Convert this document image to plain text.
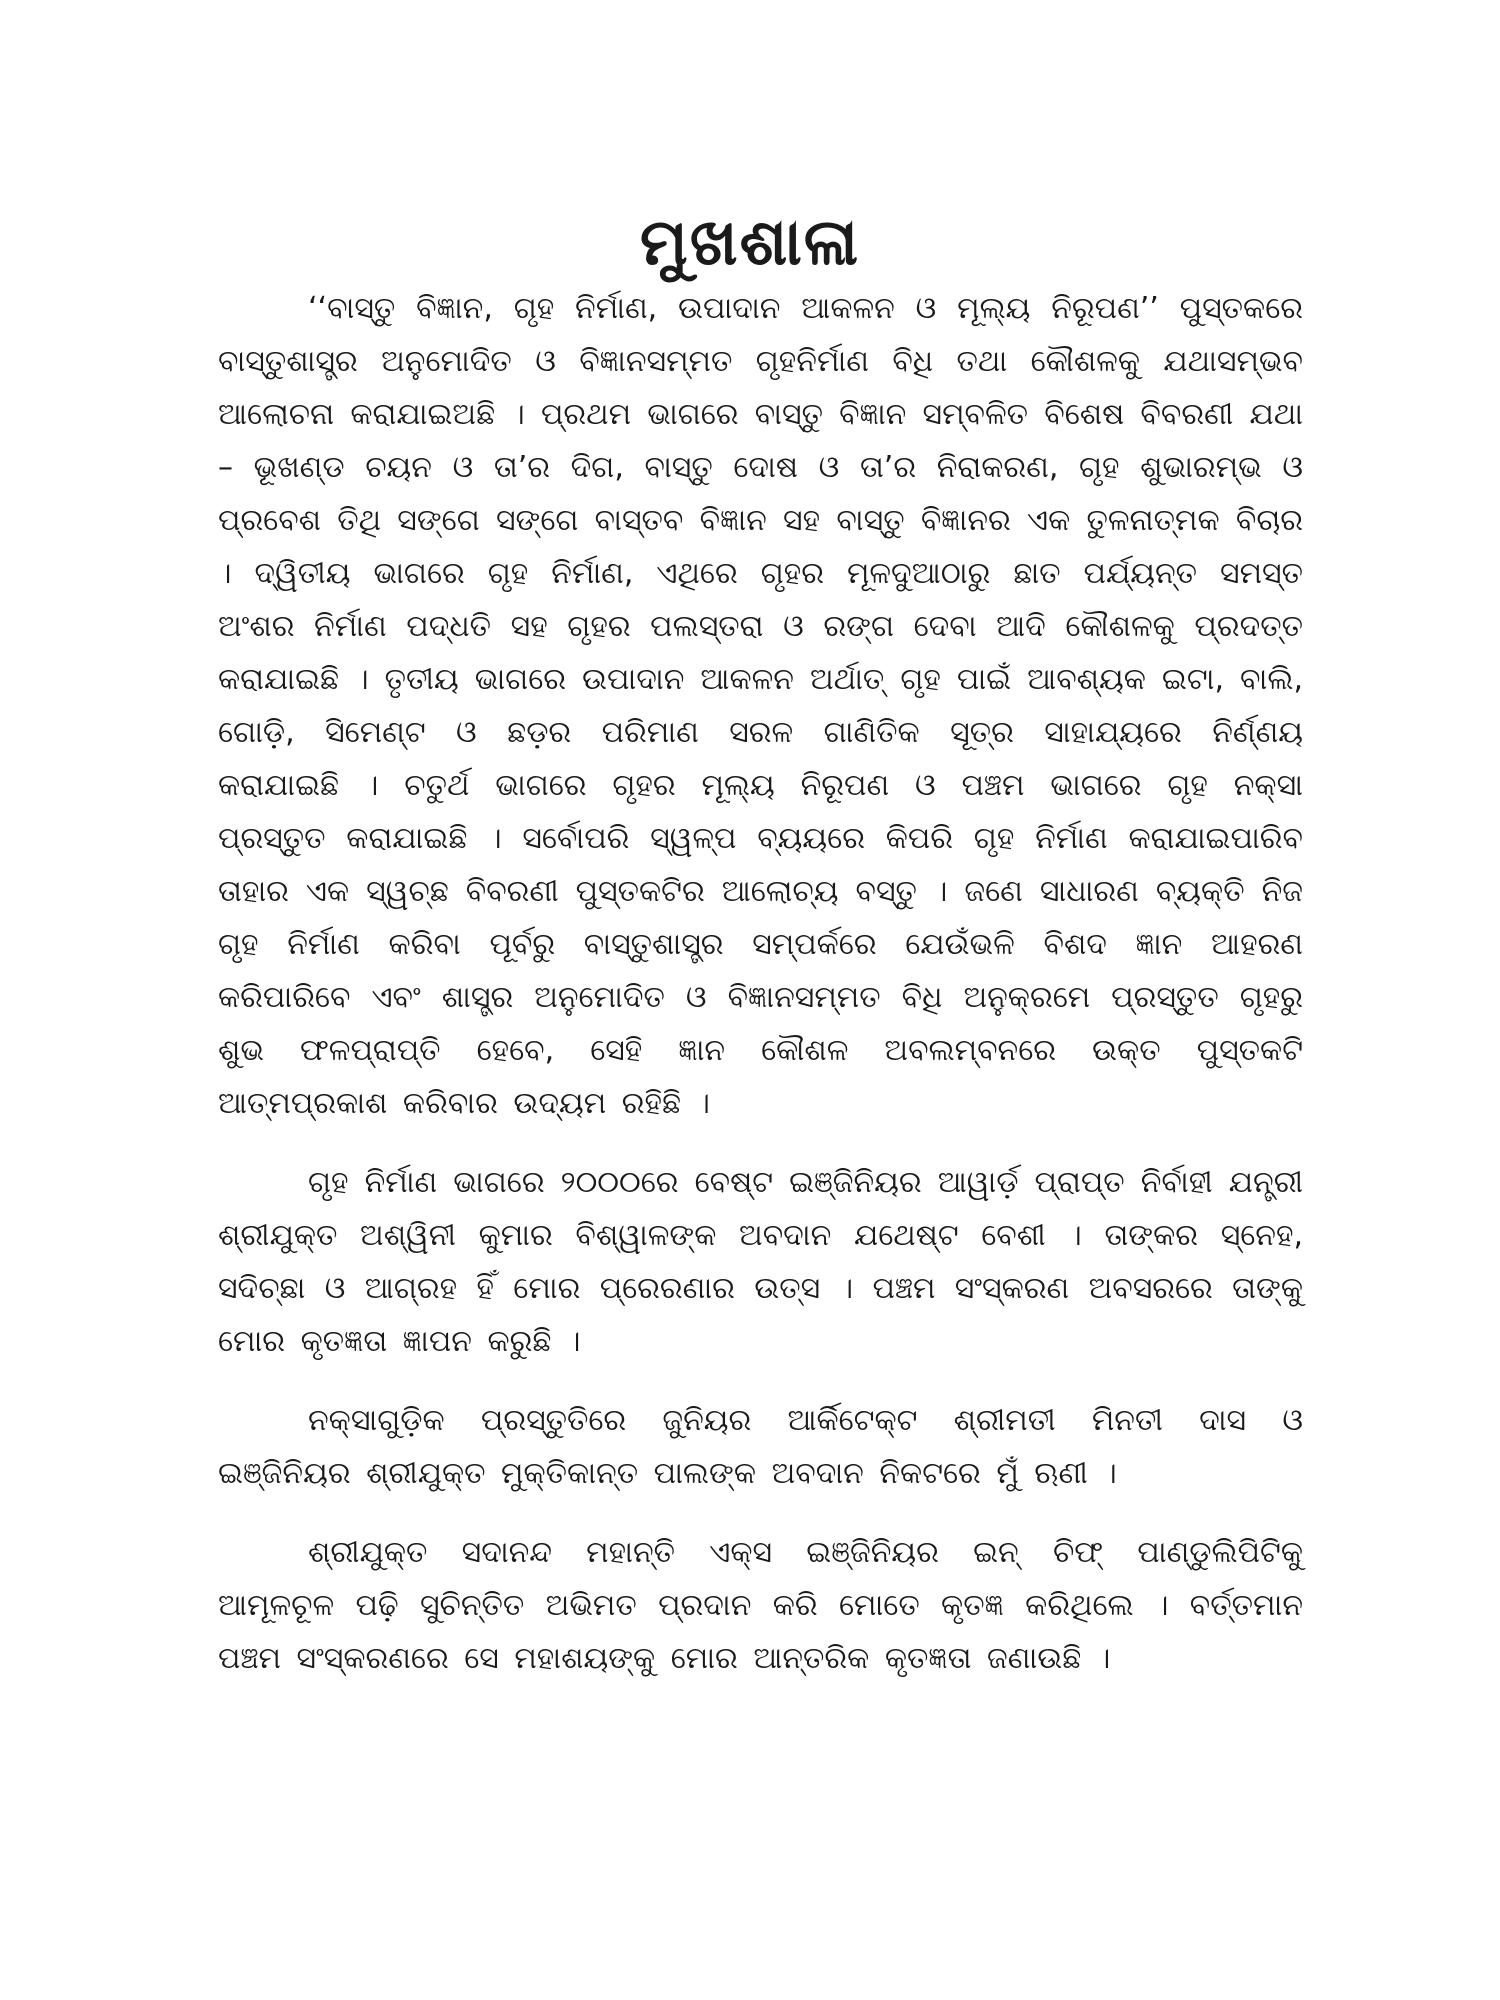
ମୁଖଶାଳା

‘‘ବାସ୍ତୁ ବିଜ୍ଞାନ, ଗୃହ ନିର୍ମାଣ, ଉପାଦାନ ଆକଳନ ଓ ମୂଲ୍ୟ ନିରୂପଣ’’ ପୁସ୍ତକରେ ବାସ୍ତୁଶାସ୍ତ୍ର ଅନୁମୋଦିତ ଓ ବିଜ୍ଞାନସମ୍ମତ ଗୃହନିର୍ମାଣ ବିଧି ତଥା କୌଶଳକୁ ଯଥାସମ୍ଭବ ଆଲୋଚନା କରାଯାଇଅଛି । ପ୍ରଥମ ଭାଗରେ ବାସ୍ତୁ ବିଜ୍ଞାନ ସମ୍ବଳିତ ବିଶେଷ ବିବରଣୀ ଯଥା – ଭୂଖଣ୍ଡ ଚୟନ ଓ ତା’ର ଦିଗ, ବାସ୍ତୁ ଦୋଷ ଓ ତା’ର ନିରାକରଣ, ଗୃହ ଶୁଭାରମ୍ଭ ଓ ପ୍ରବେଶ ତିଥି ସଙ୍ଗେ ସଙ୍ଗେ ବାସ୍ତବ ବିଜ୍ଞାନ ସହ ବାସ୍ତୁ ବିଜ୍ଞାନର ଏକ ତୁଳନାତ୍ମକ ବିଚାର । ଦ୍ୱିତୀୟ ଭାଗରେ ଗୃହ ନିର୍ମାଣ, ଏଥିରେ ଗୃହର ମୂଳଦୁଆଠାରୁ ଛାତ ପର୍ଯ୍ୟନ୍ତ ସମସ୍ତ ଅଂଶର ନିର୍ମାଣ ପଦ୍ଧତି ସହ ଗୃହର ପଲସ୍ତରା ଓ ରଙ୍ଗ ଦେବା ଆଦି କୌଶଳକୁ ପ୍ରଦତ୍ତ କରାଯାଇଛି । ତୃତୀୟ ଭାଗରେ ଉପାଦାନ ଆକଳନ ଅର୍ଥାତ୍ ଗୃହ ପାଇଁ ଆବଶ୍ୟକ ଇଟା, ବାଲି, ଗୋଡ଼ି, ସିମେଣ୍ଟ ଓ ଛଡ଼ର ପରିମାଣ ସରଳ ଗାଣିତିକ ସୂତ୍ର ସାହାଯ୍ୟରେ ନିର୍ଣ୍ଣୟ କରାଯାଇଛି । ଚତୁର୍ଥ ଭାଗରେ ଗୃହର ମୂଲ୍ୟ ନିରୂପଣ ଓ ପଞ୍ଚମ ଭାଗରେ ଗୃହ ନକ୍ସା ପ୍ରସ୍ତୁତ କରାଯାଇଛି । ସର୍ବୋପରି ସ୍ୱଳ୍ପ ବ୍ୟୟରେ କିପରି ଗୃହ ନିର୍ମାଣ କରାଯାଇପାରିବ ତାହାର ଏକ ସ୍ୱଚ୍ଛ ବିବରଣୀ ପୁସ୍ତକଟିର ଆଲୋଚ୍ୟ ବସ୍ତୁ । ଜଣେ ସାଧାରଣ ବ୍ୟକ୍ତି ନିଜ ଗୃହ ନିର୍ମାଣ କରିବା ପୂର୍ବରୁ ବାସ୍ତୁଶାସ୍ତ୍ର ସମ୍ପର୍କରେ ଯେଉଁଭଳି ବିଶଦ ଜ୍ଞାନ ଆହରଣ କରିପାରିବେ ଏବଂ ଶାସ୍ତ୍ର ଅନୁମୋଦିତ ଓ ବିଜ୍ଞାନସମ୍ମତ ବିଧି ଅନୁକ୍ରମେ ପ୍ରସ୍ତୁତ ଗୃହରୁ ଶୁଭ ଫଳପ୍ରାପ୍ତି ହେବେ, ସେହି ଜ୍ଞାନ କୌଶଳ ଅବଲମ୍ବନରେ ଉକ୍ତ ପୁସ୍ତକଟି ଆତ୍ମପ୍ରକାଶ କରିବାର ଉଦ୍ୟମ ରହିଛି ।

ଗୃହ ନିର୍ମାଣ ଭାଗରେ ୨୦୦୦ରେ ବେଷ୍ଟ ଇଞ୍ଜିନିୟର ଆୱାର୍ଡ଼ ପ୍ରାପ୍ତ ନିର୍ବାହୀ ଯନ୍ତ୍ରୀ ଶ୍ରୀଯୁକ୍ତ ଅଶ୍ୱିନୀ କୁମାର ବିଶ୍ୱାଳଙ୍କ ଅବଦାନ ଯଥେଷ୍ଟ ବେଶୀ । ତାଙ୍କର ସ୍ନେହ, ସଦିଚ୍ଛା ଓ ଆଗ୍ରହ ହିଁ ମୋର ପ୍ରେରଣାର ଉତ୍ସ । ପଞ୍ଚମ ସଂସ୍କରଣ ଅବସରରେ ତାଙ୍କୁ ମୋର କୃତଜ୍ଞତା ଜ୍ଞାପନ କରୁଛି ।

ନକ୍ସାଗୁଡ଼ିକ ପ୍ରସ୍ତୁତିରେ ଜୁନିୟର ଆର୍କିଟେକ୍ଟ ଶ୍ରୀମତୀ ମିନତୀ ଦାସ ଓ ଇଞ୍ଜିନିୟର ଶ୍ରୀଯୁକ୍ତ ମୁକ୍ତିକାନ୍ତ ପାଲଙ୍କ ଅବଦାନ ନିକଟରେ ମୁଁ ଋଣୀ ।

ଶ୍ରୀଯୁକ୍ତ ସଦାନନ୍ଦ ମହାନ୍ତି ଏକ୍ସ ଇଞ୍ଜିନିୟର ଇନ୍ ଚିଫ୍ ପାଣ୍ଡୁଲିପିଟିକୁ ଆମୂଳଚୂଳ ପଢ଼ି ସୁଚିନ୍ତିତ ଅଭିମତ ପ୍ରଦାନ କରି ମୋତେ କୃତଜ୍ଞ କରିଥିଲେ । ବର୍ତ୍ତମାନ ପଞ୍ଚମ ସଂସ୍କରଣରେ ସେ ମହାଶୟଙ୍କୁ ମୋର ଆନ୍ତରିକ କୃତଜ୍ଞତା ଜଣାଉଛି ।
